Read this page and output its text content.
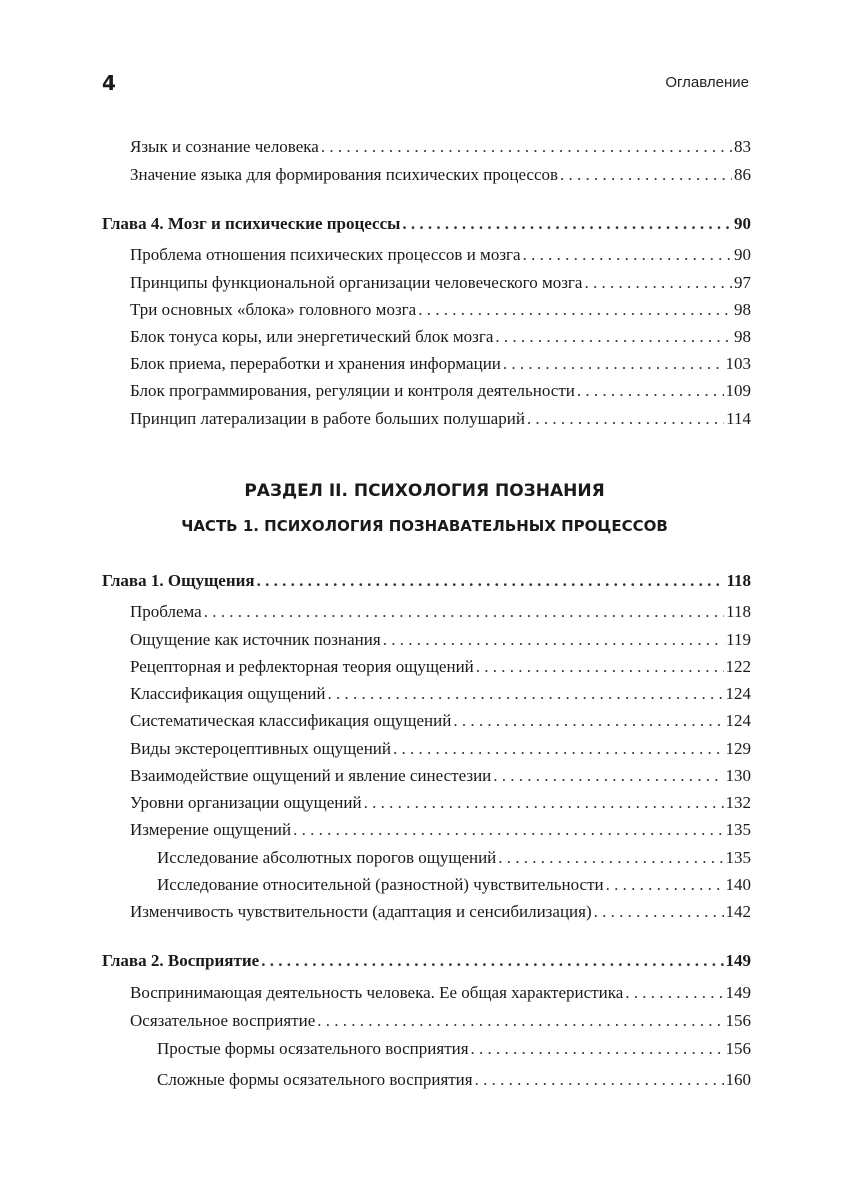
4	Оглавление
Язык и сознание человека . . .	83
Значение языка для формирования психических процессов . . .	86
Глава 4. Мозг и психические процессы . . .	90
Проблема отношения психических процессов и мозга . . .	90
Принципы функциональной организации человеческого мозга . . .	97
Три основных «блока» головного мозга . . .	98
Блок тонуса коры, или энергетический блок мозга . . .	98
Блок приема, переработки и хранения информации . . .	103
Блок программирования, регуляции и контроля деятельности . . .	109
Принцип латерализации в работе больших полушарий . . .	114
РАЗДЕЛ II. ПСИХОЛОГИЯ ПОЗНАНИЯ
ЧАСТЬ 1. ПСИХОЛОГИЯ ПОЗНАВАТЕЛЬНЫХ ПРОЦЕССОВ
Глава 1. Ощущения . . .	118
Проблема . . .	118
Ощущение как источник познания . . .	119
Рецепторная и рефлекторная теория ощущений . . .	122
Классификация ощущений . . .	124
Систематическая классификация ощущений . . .	124
Виды экстероцептивных ощущений . . .	129
Взаимодействие ощущений и явление синестезии . . .	130
Уровни организации ощущений . . .	132
Измерение ощущений . . .	135
Исследование абсолютных порогов ощущений . . .	135
Исследование относительной (разностной) чувствительности . . .	140
Изменчивость чувствительности (адаптация и сенсибилизация) . . .	142
Глава 2. Восприятие . . .	149
Воспринимающая деятельность человека. Ее общая характеристика . . .	149
Осязательное восприятие . . .	156
Простые формы осязательного восприятия . . .	156
Сложные формы осязательного восприятия . . .	160
